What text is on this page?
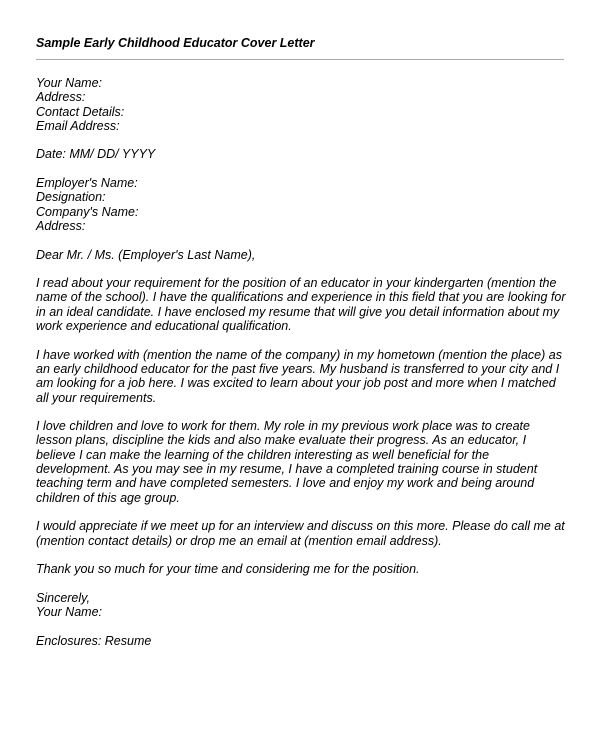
Sample Early Childhood Educator Cover Letter
Your Name:
Address:
Contact Details:
Email Address:
Date: MM/ DD/ YYYY
Employer's Name:
Designation:
Company's Name:
Address:
Dear Mr. / Ms. (Employer's Last Name),

I read about your requirement for the position of an educator in your kindergarten (mention the name of the school). I have the qualifications and experience in this field that you are looking for in an ideal candidate. I have enclosed my resume that will give you detail information about my work experience and educational qualification.

I have worked with (mention the name of the company) in my hometown (mention the place) as an early childhood educator for the past five years. My husband is transferred to your city and I am looking for a job here. I was excited to learn about your job post and more when I matched all your requirements.

I love children and love to work for them. My role in my previous work place was to create lesson plans, discipline the kids and also make evaluate their progress. As an educator, I believe I can make the learning of the children interesting as well beneficial for the development. As you may see in my resume, I have a completed training course in student teaching term and have completed semesters. I love and enjoy my work and being around children of this age group.

I would appreciate if we meet up for an interview and discuss on this more. Please do call me at (mention contact details) or drop me an email at (mention email address).

Thank you so much for your time and considering me for the position.

Sincerely,
Your Name:
Enclosures: Resume
